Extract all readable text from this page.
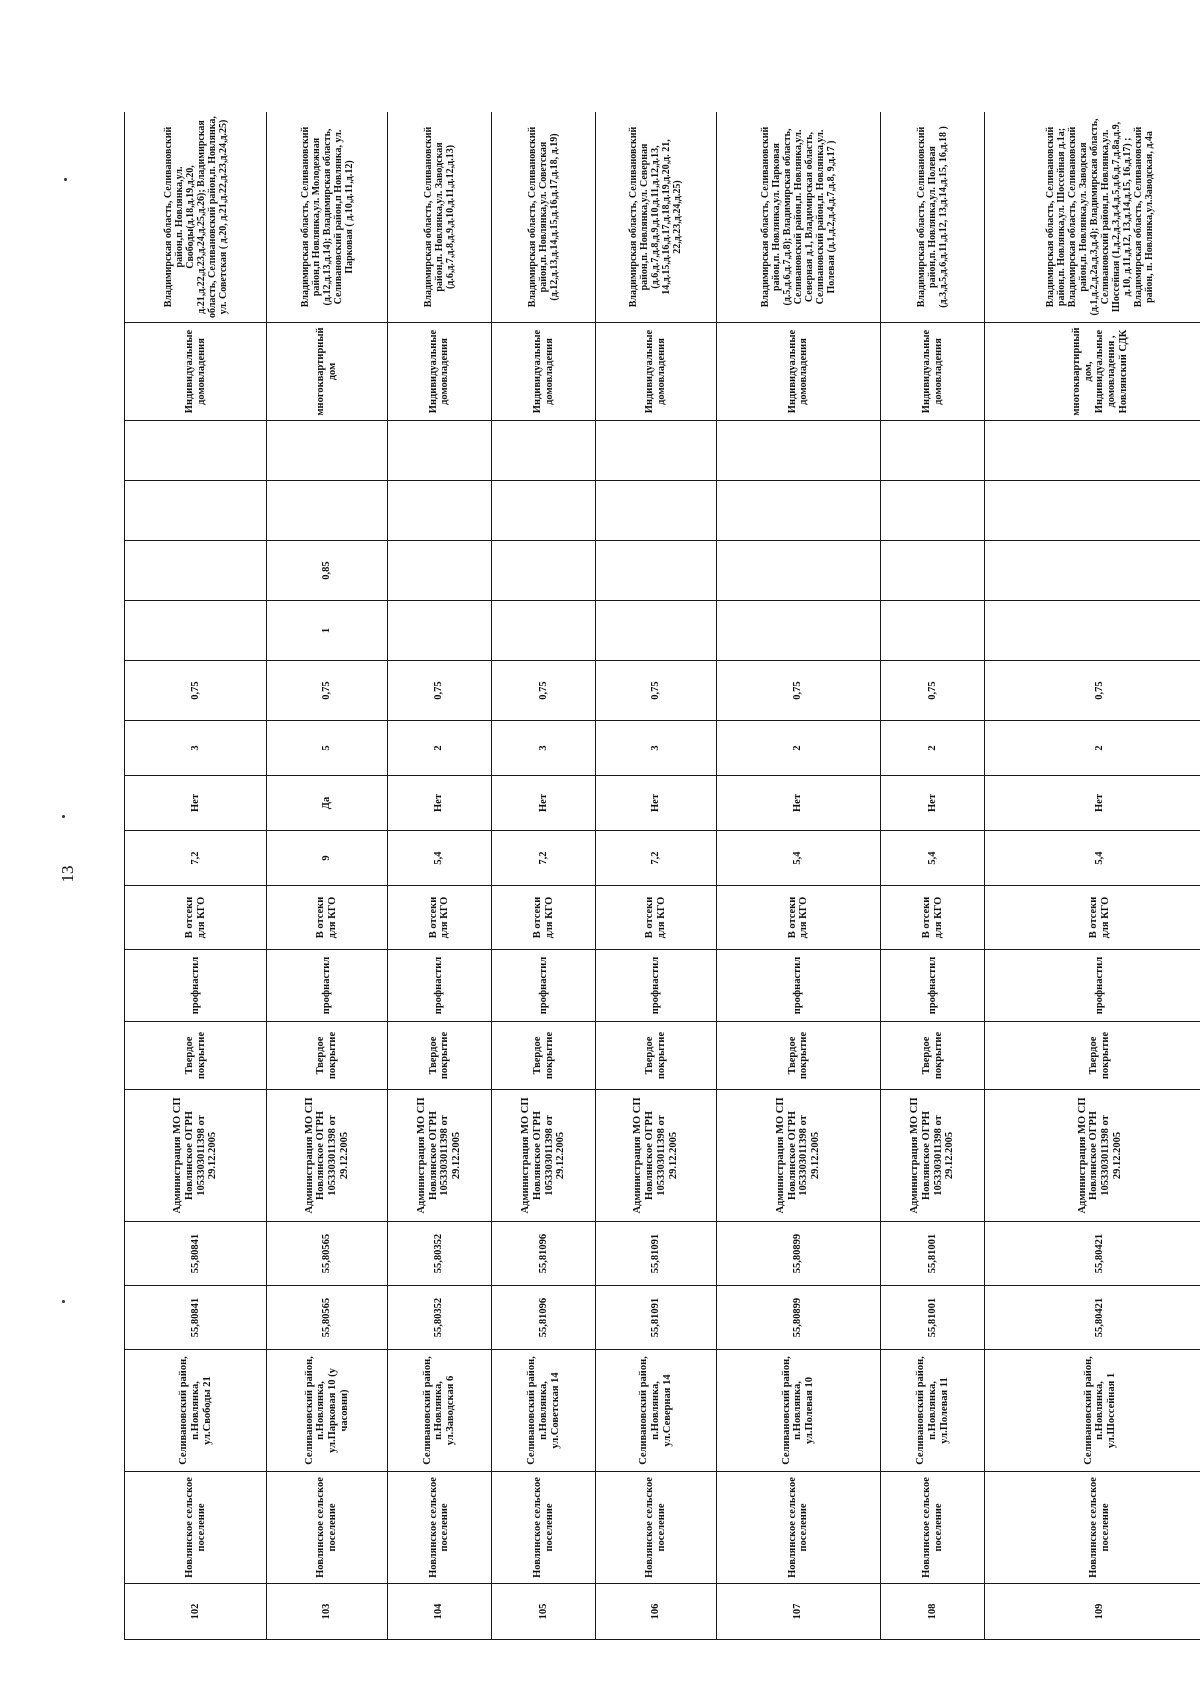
13
102	Новлянское сельское поселение	Селивановский район, п.Новлянка, ул.Свободы 21	55,80841	55,80841	Администрация МО СП Новлянское ОГРН 1053303011398 от 29.12.2005	Твердое покрытие	профнастил	В отсеки для КГО	7,2	Нет	3	0,75					Индивидуальные домовладения	Владимирская область, Селивановский район,п. Новлянка,ул. Свободы(д.18,д.19,д.20, д.21,д.22,д.23,д.24,д.25,д.26); Владимирская область, Селивановский район,п. Новлянка, ул. Советская ( д.20, д.21,д.22,д.23,д.24,д.25)
103	Новлянское сельское поселение	Селивановский район, п.Новлянка, ул.Парковая 10 (у часовни)	55,80565	55,80565	Администрация МО СП Новлянское ОГРН 1053303011398 от 29.12.2005	Твердое покрытие	профнастил	В отсеки для КГО	9	Да	5	0,75	1	0,85			многоквартирный дом	Владимирская область, Селивановский район,п Новлянка,ул. Молодежная (д.12,д.13,д.14); Владимирская область, Селивановский район,п Новлянка, ул. Парковая ( д.10,д.11,д.12)
104	Новлянское сельское поселение	Селивановский район, п.Новлянка, ул.Заводская 6	55,80352	55,80352	Администрация МО СП Новлянское ОГРН 1053303011398 от 29.12.2005	Твердое покрытие	профнастил	В отсеки для КГО	5,4	Нет	2	0,75					Индивидуальные домовладения	Владимирская область, Селивановский район,п. Новлянка,ул. Заводская (д.6,д.7,д.8,д.9,д.10,д.11,д.12,д.13)
105	Новлянское сельское поселение	Селивановский район, п.Новлянка, ул.Советская 14	55,81096	55,81096	Администрация МО СП Новлянское ОГРН 1053303011398 от 29.12.2005	Твердое покрытие	профнастил	В отсеки для КГО	7,2	Нет	3	0,75					Индивидуальные домовладения	Владимирская область, Селивановский район,п. Новлянка,ул. Советская (д.12,д.13,д.14,д.15,д.16,д.17,д.18, д.19)
106	Новлянское сельское поселение	Селивановский район, п.Новлянка, ул.Северная 14	55,81091	55,81091	Администрация МО СП Новлянское ОГРН 1053303011398 от 29.12.2005	Твердое покрытие	профнастил	В отсеки для КГО	7,2	Нет	3	0,75					Индивидуальные домовладения	Владимирская область, Селивановский район,п. Новлянка,ул. Северная (д.6,д.7,д.8,д.9,д.10,д.11,д.12,д.13, 14,д.15,д.16,д.17,д.18,д.19,д.20,д. 21, 22,д.23,д.24,д.25)
107	Новлянское сельское поселение	Селивановский район, п.Новлянка, ул.Полевая 10	55,80899	55,80899	Администрация МО СП Новлянское ОГРН 1053303011398 от 29.12.2005	Твердое покрытие	профнастил	В отсеки для КГО	5,4	Нет	2	0,75					Индивидуальные домовладения	Владимирская область, Селивановский район,п. Новлянка,ул. Парковая (д.5,д.6,д.7,д.8); Владимирская область, Селивановский район,п. Новлянка,ул. Северная д.1, Владимирская область, Селивановский район,п. Новлянка,ул. Полевая (д.1,д.2,д.4,д.7,д.8, 9,д.17 )
108	Новлянское сельское поселение	Селивановский район, п.Новлянка, ул.Полевая 11	55,81001	55,81001	Администрация МО СП Новлянское ОГРН 1053303011398 от 29.12.2005	Твердое покрытие	профнастил	В отсеки для КГО	5,4	Нет	2	0,75					Индивидуальные домовладения	Владимирская область, Селивановский район,п. Новлянка,ул. Полевая (д.3,д.5,д.6,д.11,д.12, 13,д.14,д.15, 16,д.18 )
109	Новлянское сельское поселение	Селивановский район, п.Новлянка, ул.Шоссейная 1	55,80421	55,80421	Администрация МО СП Новлянское ОГРН 1053303011398 от 29.12.2005	Твердое покрытие	профнастил	В отсеки для КГО	5,4	Нет	2	0,75					многоквартирный дом, Индивидуальные домовладения , Новлянский СДК	Владимирская область, Селивановский район,п. Новлянка,ул. Шоссейная д.1а; Владимирская область, Селивановский район,п. Новлянка,ул. Заводская (д.1,д.2,д.2а,д.3,д.4); Владимирская область, Селивановский район,п. Новлянка,ул. Шоссейная (1,д.2,д.3,д.4,д.5,д.6,д.7,д.8а,д.9, д.10, д.11,д.12, 13,д.14,д.15, 16,д.17) ; Владимирская область, Селивановский район, п. Новлянка,ул.Заводская, д.4а
